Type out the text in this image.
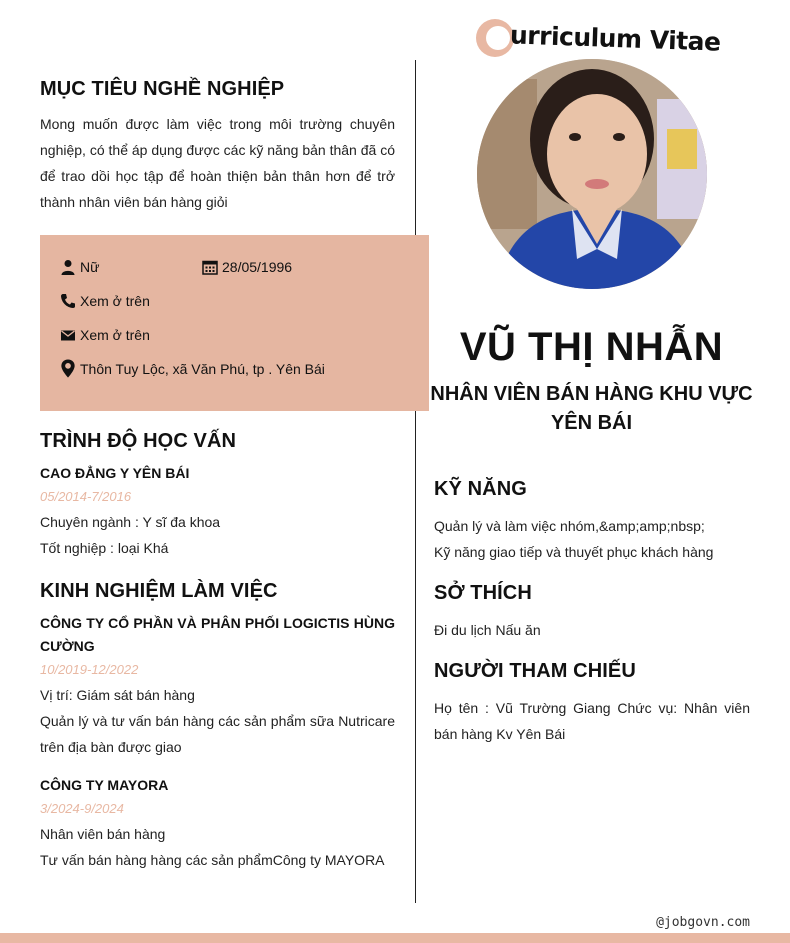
urriculum Vitae
MỤC TIÊU NGHỀ NGHIỆP
Mong muốn được làm việc trong môi trường chuyên nghiệp, có thể áp dụng được các kỹ năng bản thân đã có để trao dồi học tập để hoàn thiện bản thân hơn để trở thành nhân viên bán hàng giỏi
Nữ	28/05/1996
Xem ở trên
Xem ở trên
Thôn Tuy Lộc, xã Văn Phú, tp . Yên Bái
TRÌNH ĐỘ HỌC VẤN
CAO ĐẲNG Y YÊN BÁI
05/2014-7/2016
Chuyên ngành : Y sĩ đa khoa
Tốt nghiệp : loại Khá
KINH NGHIỆM LÀM VIỆC
CÔNG TY CỔ PHẦN VÀ PHÂN PHỐI LOGICTIS HÙNG CƯỜNG
10/2019-12/2022
Vị trí: Giám sát bán hàng
Quản lý và tư vấn bán hàng các sản phẩm sữa Nutricare trên địa bàn được giao
CÔNG TY MAYORA
3/2024-9/2024
Nhân viên bán hàng
Tư vấn bán hàng hàng các sản phẩmCông ty MAYORA
VŨ THỊ NHẪN
NHÂN VIÊN BÁN HÀNG KHU VỰC YÊN BÁI
KỸ NĂNG
Quản lý và làm việc nhóm,&amp;amp;nbsp;
Kỹ năng giao tiếp và thuyết phục khách hàng
SỞ THÍCH
Đi du lịch Nấu ăn
NGƯỜI THAM CHIẾU
Họ tên : Vũ Trường Giang Chức vụ: Nhân viên bán hàng Kv Yên Bái
@jobgovn.com
